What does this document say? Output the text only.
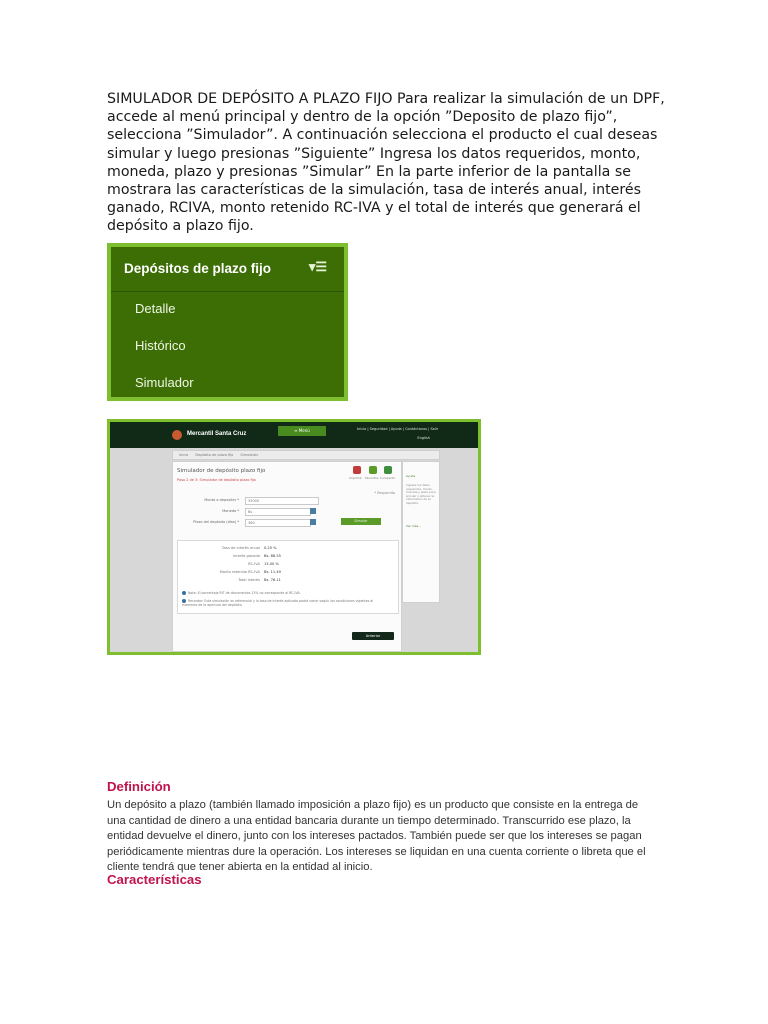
SIMULADOR DE DEPÓSITO A PLAZO FIJO Para realizar la simulación de un DPF, accede al menú principal y dentro de la opción ”Deposito de plazo fijo”, selecciona ”Simulador”. A continuación selecciona el producto el cual deseas simular y luego presionas ”Siguiente” Ingresa los datos requeridos, monto, moneda, plazo y presionas ”Simular” En la parte inferior de la pantalla se mostrara las características de la simulación, tasa de interés anual, interés ganado, RCIVA, monto retenido RC-IVA y el total de interés que generará el depósito a plazo fijo.
Depósitos de plazo fijo	▾☰
Detalle
Histórico
Simulador
Mercantil Santa Cruz
≡ Menú	Inicio | Seguridad | Ayuda | Contáctanos | Salir
English
Inicio Depósito de plazo fijo Simulador
Simulador de depósito plazo fijo
Paso 2 de 3: Simulador de depósito plazo fijo	Imprimir Favoritos Compartir
* Requerido
Monto a depositar *	35000
Moneda *	Bs
Plazo del depósito (días) *	360	Simular
Tasa de interés anual 0.25 %
Interés ganado Bs. 88.55
RC-IVA 13.00 %
Monto retenido RC-IVA Bs. 11.49
Total interés Bs. 76.11
Nota: El porcentaje RIT de documentos 13% no corresponde al RC-IVA.
Recordar: Esta simulación es referencial y la tasa de interés aplicada podrá variar según las condiciones vigentes al momento de la apertura del depósito.
Ayuda
Ingrese los datos requeridos, monto, moneda y plazo para simular y obtener la información de su depósito.
Ver más...
Anterior
Definición
Un depósito a plazo (también llamado imposición a plazo fijo) es un producto que consiste en la entrega de una cantidad de dinero a una entidad bancaria durante un tiempo determinado. Transcurrido ese plazo, la entidad devuelve el dinero, junto con los intereses pactados. También puede ser que los intereses se pagan periódicamente mientras dure la operación. Los intereses se liquidan en una cuenta corriente o libreta que el cliente tendrá que tener abierta en la entidad al inicio.
Características
